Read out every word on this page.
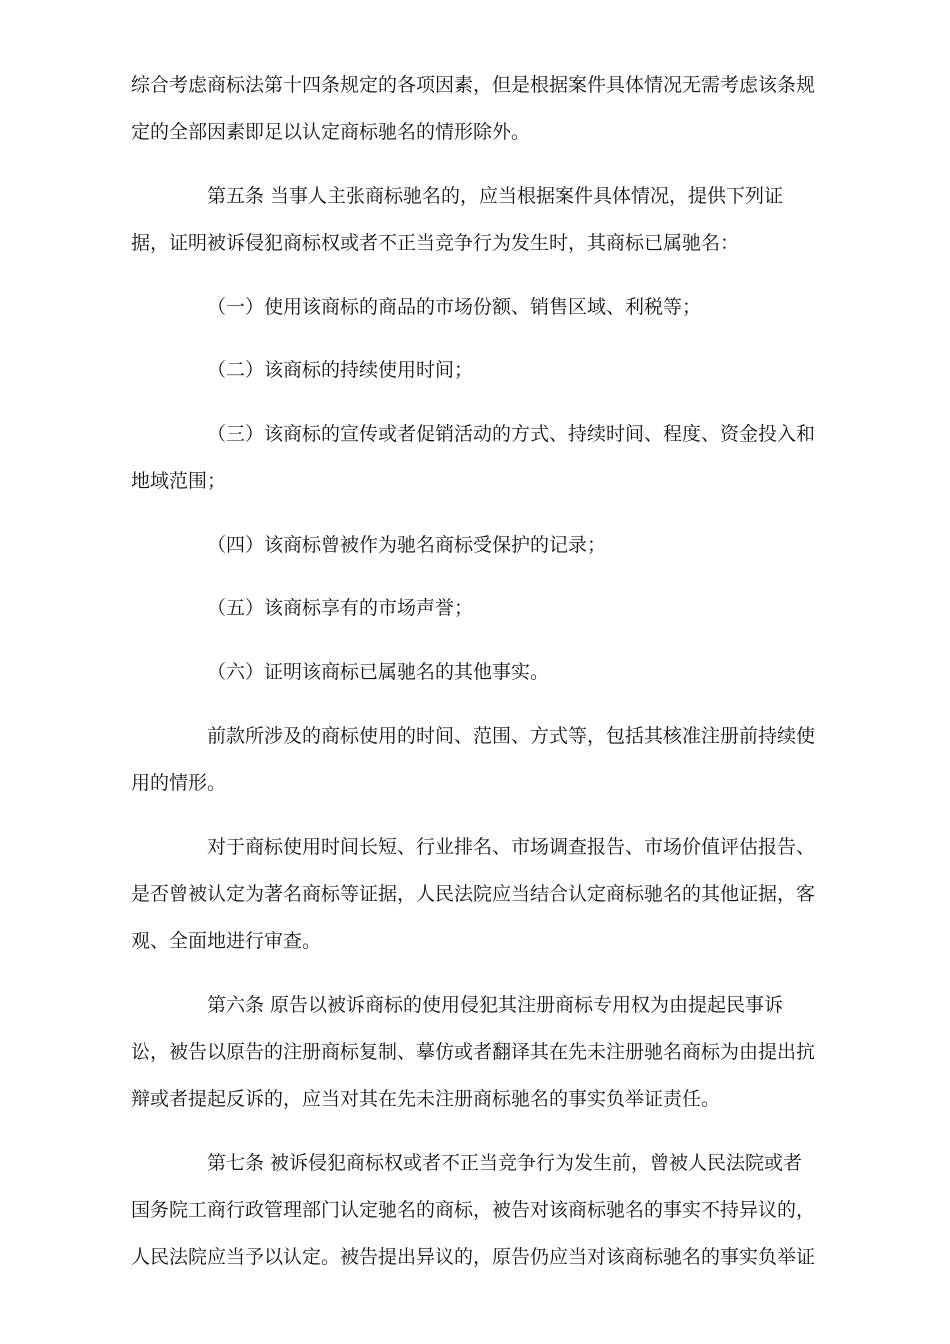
综合考虑商标法第十四条规定的各项因素，但是根据案件具体情况无需考虑该条规
定的全部因素即足以认定商标驰名的情形除外。
第五条 当事人主张商标驰名的，应当根据案件具体情况，提供下列证
据，证明被诉侵犯商标权或者不正当竞争行为发生时，其商标已属驰名：
（一）使用该商标的商品的市场份额、销售区域、利税等；
（二）该商标的持续使用时间；
（三）该商标的宣传或者促销活动的方式、持续时间、程度、资金投入和
地域范围；
（四）该商标曾被作为驰名商标受保护的记录；
（五）该商标享有的市场声誉；
（六）证明该商标已属驰名的其他事实。
前款所涉及的商标使用的时间、范围、方式等，包括其核准注册前持续使
用的情形。
对于商标使用时间长短、行业排名、市场调查报告、市场价值评估报告、
是否曾被认定为著名商标等证据，人民法院应当结合认定商标驰名的其他证据，客
观、全面地进行审查。
第六条 原告以被诉商标的使用侵犯其注册商标专用权为由提起民事诉
讼，被告以原告的注册商标复制、摹仿或者翻译其在先未注册驰名商标为由提出抗
辩或者提起反诉的，应当对其在先未注册商标驰名的事实负举证责任。
第七条 被诉侵犯商标权或者不正当竞争行为发生前，曾被人民法院或者
国务院工商行政管理部门认定驰名的商标，被告对该商标驰名的事实不持异议的，
人民法院应当予以认定。被告提出异议的，原告仍应当对该商标驰名的事实负举证
